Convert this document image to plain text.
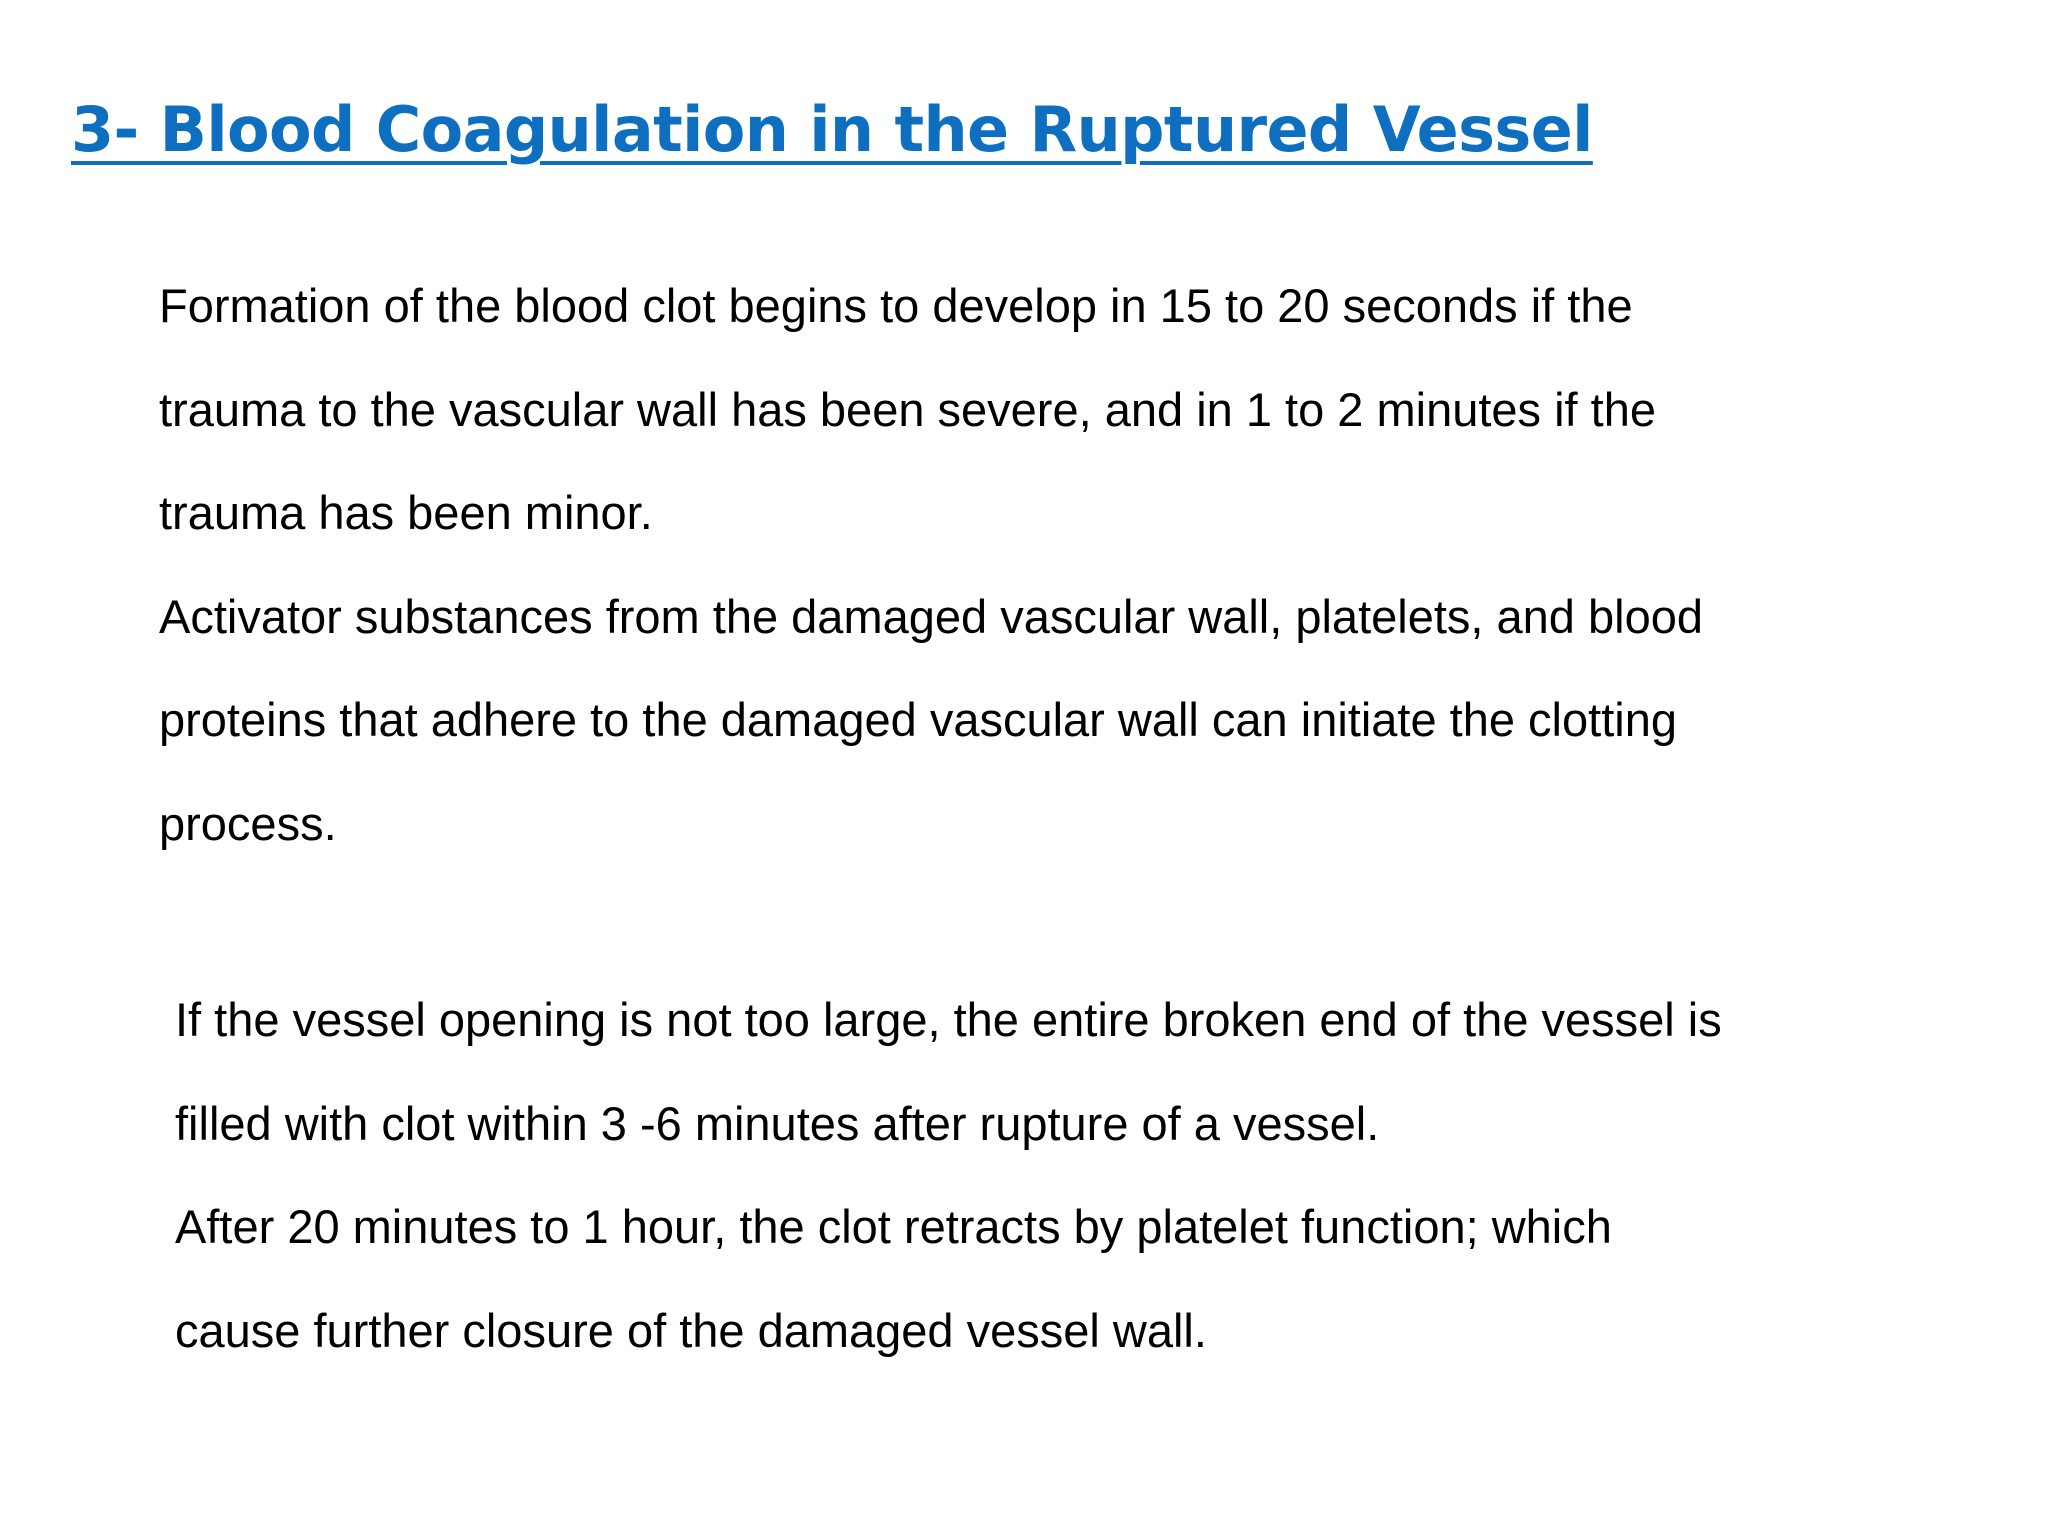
3- Blood Coagulation in the Ruptured Vessel

Formation of the blood clot begins to develop in 15 to 20 seconds if the
trauma to the vascular wall has been severe, and in 1 to 2 minutes if the
trauma has been minor.
Activator substances from the damaged vascular wall, platelets, and blood
proteins that adhere to the damaged vascular wall can initiate the clotting
process.

If the vessel opening is not too large, the entire broken end of the vessel is
filled with clot within 3 -6 minutes after rupture of a vessel.
After 20 minutes to 1 hour, the clot retracts by platelet function; which
cause further closure of the damaged vessel wall.
